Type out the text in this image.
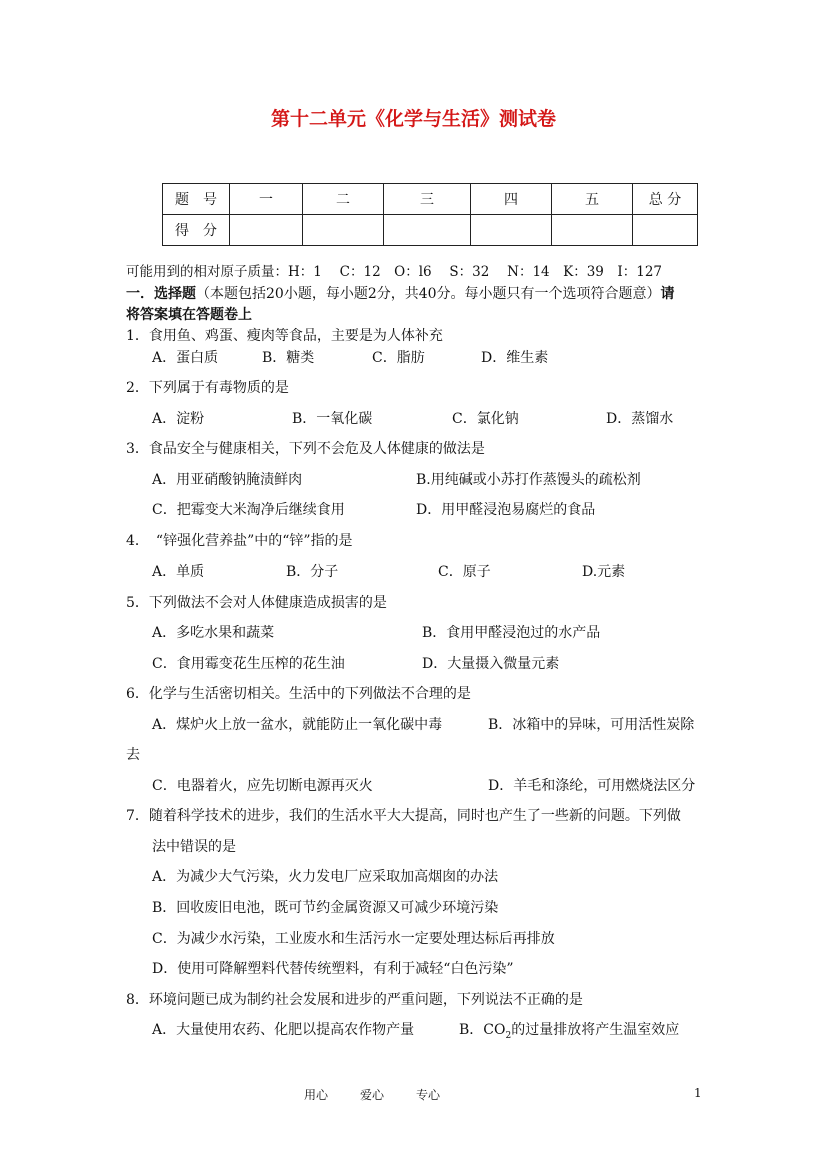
第十二单元《化学与生活》测试卷
题　号	一	二	三	四	五	总 分
得　分						
可能用到的相对原子质量：H：1　 C：12　O：l6　 S：32　 N：14　K：39　I：127
一．选择题（本题包括20小题，每小题2分，共40分。每小题只有一个选项符合题意）请
将答案填在答题卷上
1．食用鱼、鸡蛋、瘦肉等食品，主要是为人体补充
A．蛋白质	B．糖类	C．脂肪	D．维生素
2．下列属于有毒物质的是
A．淀粉	B．一氧化碳	C．氯化钠	D．蒸馏水
3．食品安全与健康相关，下列不会危及人体健康的做法是
A．用亚硝酸钠腌渍鲜肉	B.用纯碱或小苏打作蒸馒头的疏松剂
C．把霉变大米淘净后继续食用	D．用甲醛浸泡易腐烂的食品
4．　“锌强化营养盐”中的“锌”指的是
A．单质	B．分子	C．原子	D.元素
5．下列做法不会对人体健康造成损害的是
A．多吃水果和蔬菜	B．食用甲醛浸泡过的水产品
C．食用霉变花生压榨的花生油	D．大量摄入微量元素
6．化学与生活密切相关。生活中的下列做法不合理的是
A．煤炉火上放一盆水，就能防止一氧化碳中毒	B．冰箱中的异味，可用活性炭除
去
C．电器着火，应先切断电源再灭火	D．羊毛和涤纶，可用燃烧法区分
7．随着科学技术的进步，我们的生活水平大大提高，同时也产生了一些新的问题。下列做
法中错误的是
A．为减少大气污染，火力发电厂应采取加高烟囱的办法
B．回收废旧电池，既可节约金属资源又可减少环境污染
C．为减少水污染，工业废水和生活污水一定要处理达标后再排放
D．使用可降解塑料代替传统塑料，有利于减轻“白色污染”
8．环境问题已成为制约社会发展和进步的严重问题，下列说法不正确的是
A．大量使用农药、化肥以提高农作物产量	B．$CO_2$的过量排放将产生温室效应
用心	爱心	专心	1
